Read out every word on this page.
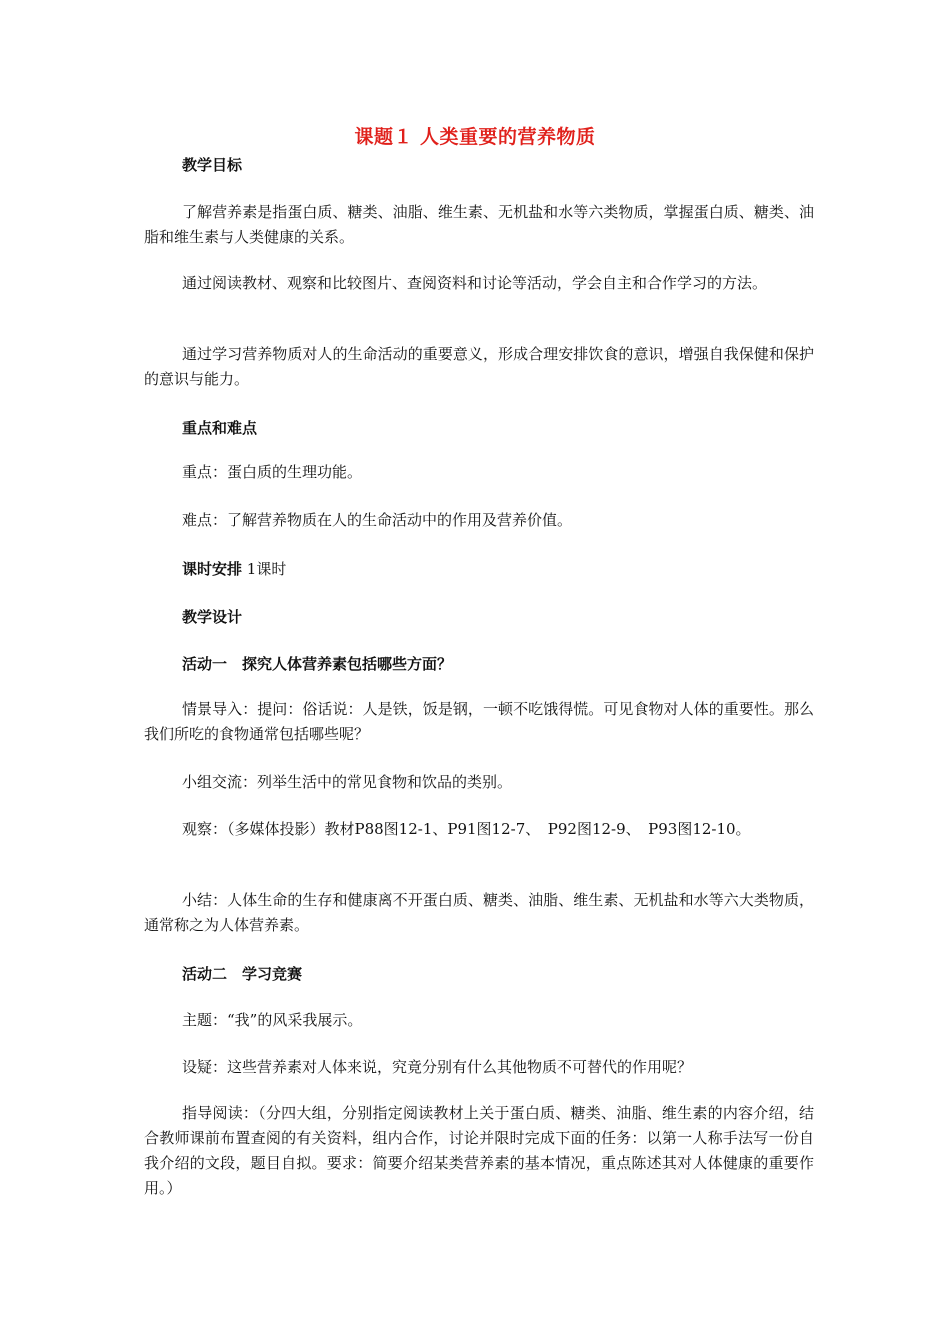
课题１ 人类重要的营养物质
教学目标
了解营养素是指蛋白质、糖类、油脂、维生素、无机盐和水等六类物质，掌握蛋白质、糖类、油脂和维生素与人类健康的关系。
通过阅读教材、观察和比较图片、查阅资料和讨论等活动，学会自主和合作学习的方法。
通过学习营养物质对人的生命活动的重要意义，形成合理安排饮食的意识，增强自我保健和保护的意识与能力。
重点和难点
重点：蛋白质的生理功能。
难点：了解营养物质在人的生命活动中的作用及营养价值。
课时安排 1课时
教学设计
活动一　探究人体营养素包括哪些方面？
情景导入：提问：俗话说：人是铁，饭是钢，一顿不吃饿得慌。可见食物对人体的重要性。那么我们所吃的食物通常包括哪些呢？
小组交流：列举生活中的常见食物和饮品的类别。
观察：（多媒体投影）教材P88图12-1、P91图12-7、　P92图12-9、　P93图12-10。
小结：人体生命的生存和健康离不开蛋白质、糖类、油脂、维生素、无机盐和水等六大类物质，通常称之为人体营养素。
活动二　学习竞赛
主题：“我”的风采我展示。
设疑：这些营养素对人体来说，究竟分别有什么其他物质不可替代的作用呢？
指导阅读：（分四大组，分别指定阅读教材上关于蛋白质、糖类、油脂、维生素的内容介绍，结合教师课前布置查阅的有关资料，组内合作，讨论并限时完成下面的任务：以第一人称手法写一份自我介绍的文段，题目自拟。要求：简要介绍某类营养素的基本情况，重点陈述其对人体健康的重要作用。）
